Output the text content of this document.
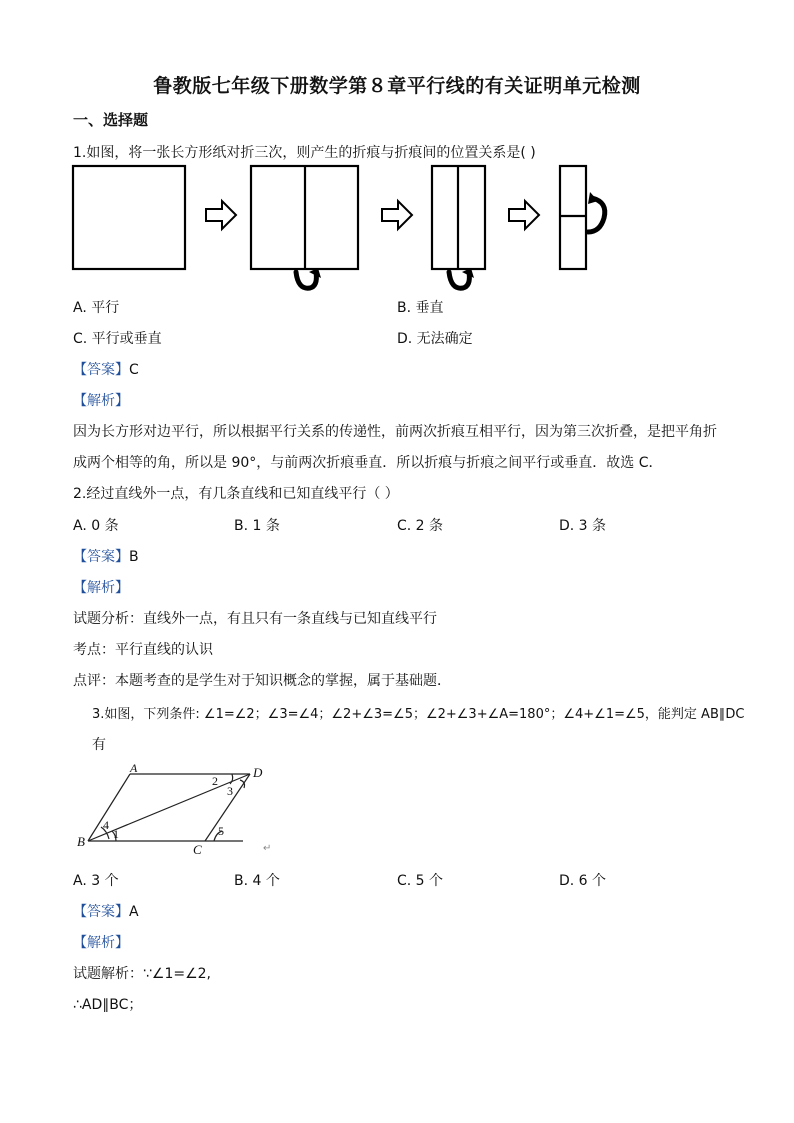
鲁教版七年级下册数学第８章平行线的有关证明单元检测
一、选择题
1.如图，将一张长方形纸对折三次，则产生的折痕与折痕间的位置关系是( )
A. 平行	B. 垂直
C. 平行或垂直	D. 无法确定
【答案】C
【解析】
因为长方形对边平行，所以根据平行关系的传递性，前两次折痕互相平行，因为第三次折叠，是把平角折
成两个相等的角，所以是 90°，与前两次折痕垂直．所以折痕与折痕之间平行或垂直．故选 C．
2.经过直线外一点，有几条直线和已知直线平行（ ）
A. 0 条	B. 1 条	C. 2 条	D. 3 条
【答案】B
【解析】
试题分析：直线外一点，有且只有一条直线与已知直线平行
考点：平行直线的认识
点评：本题考查的是学生对于知识概念的掌握，属于基础题．
3.如图，下列条件: ∠1=∠2；∠3=∠4；∠2+∠3=∠5；∠2+∠3+∠A=180°；∠4+∠1=∠5，能判定 AB∥DC
有
A	D
B
C
1
2
3
4	5
↵
A. 3 个	B. 4 个	C. 5 个	D. 6 个
【答案】A
【解析】
试题解析：∵∠1=∠2,
∴AD∥BC；
